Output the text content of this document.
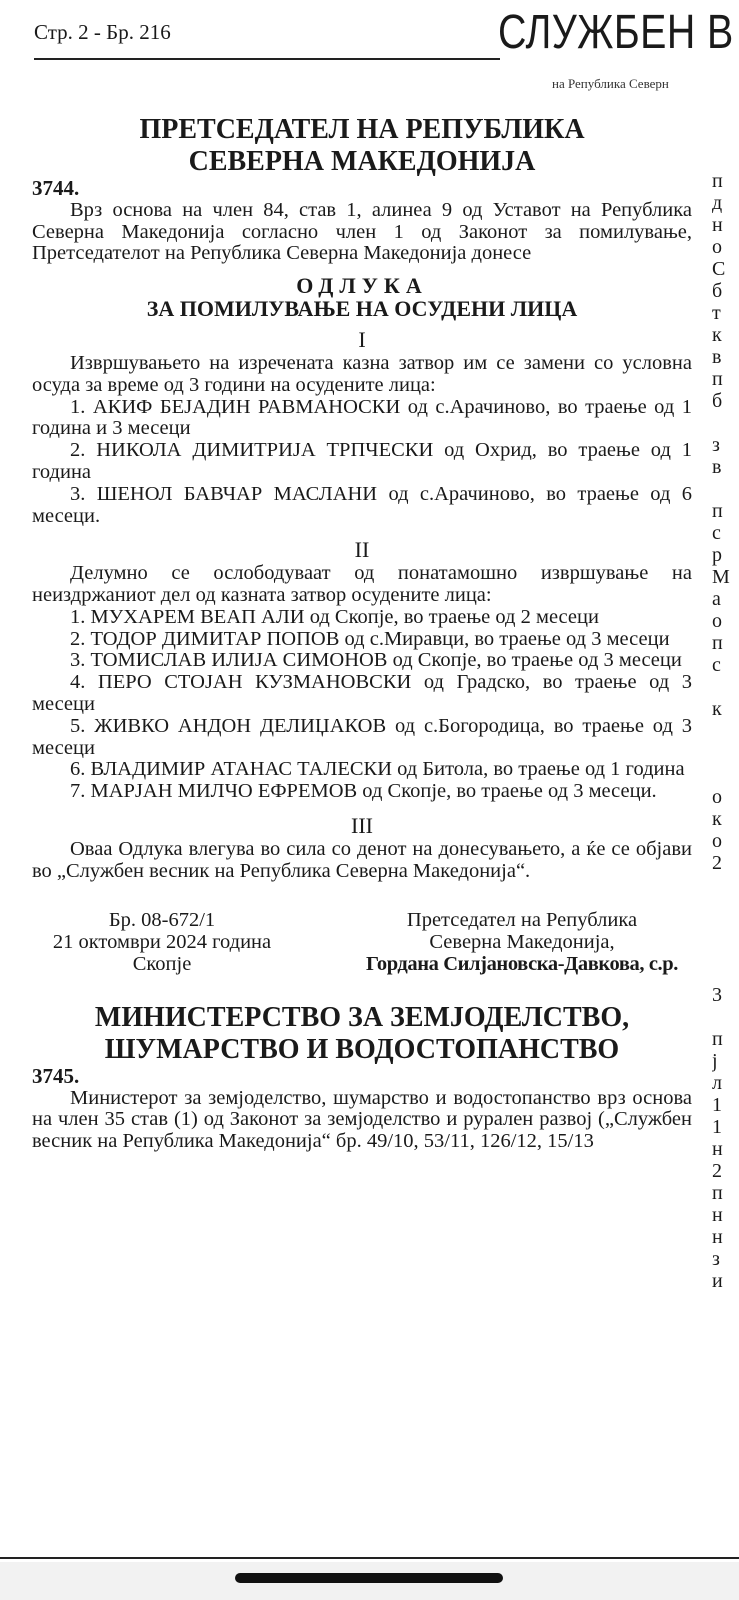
Стр. 2 - Бр. 216	СЛУЖБЕН В
на Република Северн
ПРЕТСЕДАТЕЛ НА РЕПУБЛИКА
СЕВЕРНА МАКЕДОНИЈА

3744.

Врз основа на член 84, став 1, алинеа 9 од Уставот на Република Северна Македонија согласно член 1 од Законот за помилување, Претседателот на Република Северна Македонија донесе

ОДЛУКА
ЗА ПОМИЛУВАЊЕ НА ОСУДЕНИ ЛИЦА
I

Извршувањето на изречената казна затвор им се замени со условна осуда за време од 3 години на осудените лица:

1. АКИФ БЕЈАДИН РАВМАНОСКИ од с.Арачиново, во траење од 1 година и 3 месеци

2. НИКОЛА ДИМИТРИЈА ТРПЧЕСКИ од Охрид, во траење од 1 година

3. ШЕНОЛ БАВЧАР МАСЛАНИ од с.Арачиново, во траење од 6 месеци.

II

Делумно се ослободуваат од понатамошно извршување на неиздржаниот дел од казната затвор осудените лица:

1. МУХАРЕМ ВЕАП АЛИ од Скопје, во траење од 2 месеци

2. ТОДОР ДИМИТАР ПОПОВ од с.Миравци, во траење од 3 месеци

3. ТОМИСЛАВ ИЛИЈА СИМОНОВ од Скопје, во траење од 3 месеци

4. ПЕРО СТОЈАН КУЗМАНОВСКИ од Градско, во траење од 3 месеци

5. ЖИВКО АНДОН ДЕЛИЏАКОВ од с.Богородица, во траење од 3 месеци

6. ВЛАДИМИР АТАНАС ТАЛЕСКИ од Битола, во траење од 1 година

7. МАРЈАН МИЛЧО ЕФРЕМОВ од Скопје, во траење од 3 месеци.

III

Оваа Одлука влегува во сила со денот на донесувањето, а ќе се објави во „Службен весник на Република Северна Македонија“.

Бр. 08-672/1
21 октомври 2024 година
Скопје
Претседател на Република
Северна Македонија,
Гордана Силјановска-Давкова, с.р.
МИНИСТЕРСТВО ЗА ЗЕМЈОДЕЛСТВО,
ШУМАРСТВО И ВОДОСТОПАНСТВО

3745.

Министерот за земјоделство, шумарство и водостопанство врз основа на член 35 став (1) од Законот за земјоделство и рурален развој („Службен весник на Република Македонија“ бр. 49/10, 53/11, 126/12, 15/13

п
д
н
о
С
б
т
к
в
п
б
з
в
п
с
р
М
а
о
п
с
к
о
к
о
2
3
п
ј
л
1
1
н
2
п
н
н
з
и
